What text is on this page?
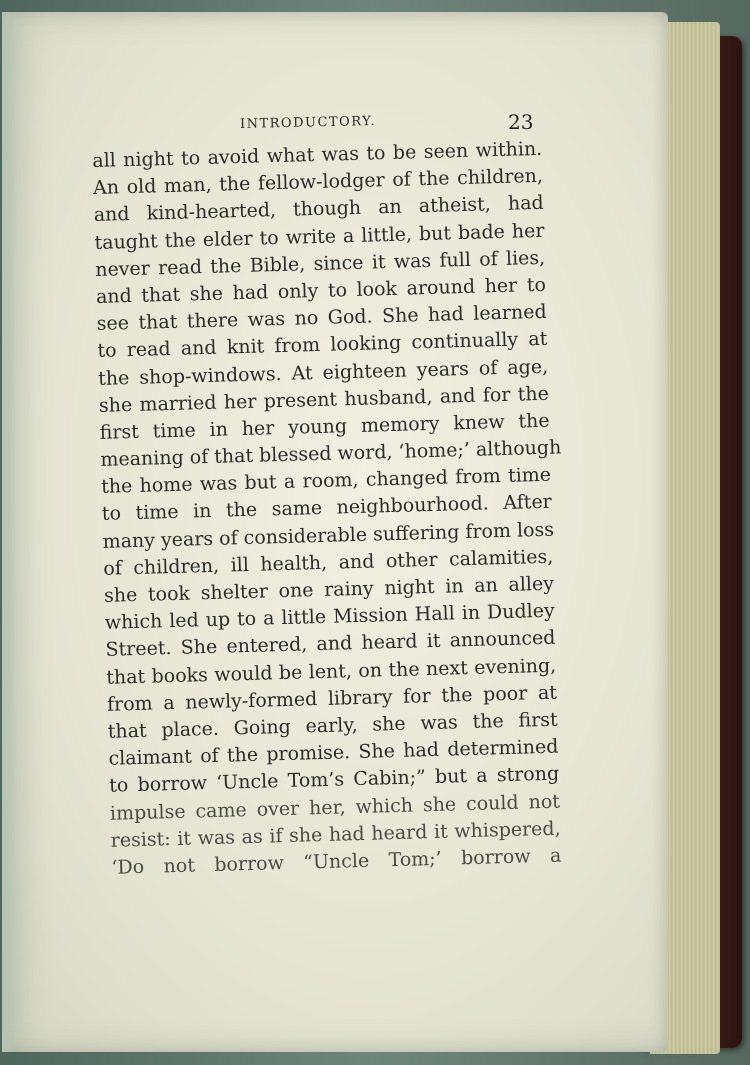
INTRODUCTORY.	23
all night to avoid what was to be seen within.
An old man, the fellow-lodger of the children,
and kind-hearted, though an atheist, had
taught the elder to write a little, but bade her
never read the Bible, since it was full of lies,
and that she had only to look around her to
see that there was no God. She had learned
to read and knit from looking continually at
the shop-windows. At eighteen years of age,
she married her present husband, and for the
first time in her young memory knew the
meaning of that blessed word, ‘home;’ although
the home was but a room, changed from time
to time in the same neighbourhood. After
many years of considerable suffering from loss
of children, ill health, and other calamities,
she took shelter one rainy night in an alley
which led up to a little Mission Hall in Dudley
Street. She entered, and heard it announced
that books would be lent, on the next evening,
from a newly-formed library for the poor at
that place. Going early, she was the first
claimant of the promise. She had determined
to borrow ‘Uncle Tom’s Cabin;” but a strong
impulse came over her, which she could not
resist: it was as if she had heard it whispered,
‘Do not borrow “Uncle Tom;’ borrow a
